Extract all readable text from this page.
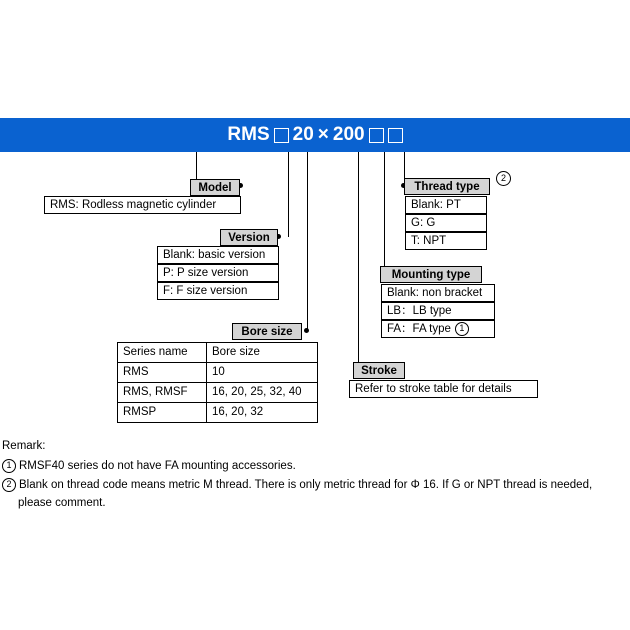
RMS 20 × 200
Model
RMS: Rodless magnetic cylinder
Version
Blank: basic version
P: P size version
F: F size version
Bore size
Series name	Bore size
RMS	10
RMS, RMSF	16, 20, 25, 32, 40
RMSP	16, 20, 32
Stroke
Refer to stroke table for details
Mounting type
Blank: non bracket
LB：LB type
FA：FA type 1
Thread type
2
Blank: PT
G: G
T: NPT
Remark:
1 RMSF40 series do not have FA mounting accessories.
2 Blank on thread code means metric M thread. There is only metric thread for Φ 16. If G or NPT thread is needed,
please comment.
